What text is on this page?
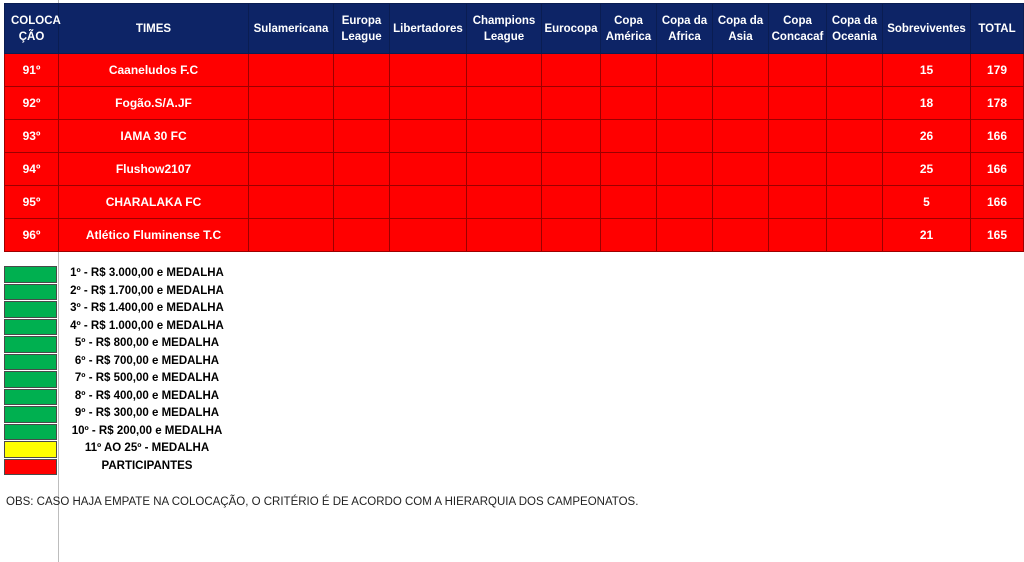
COLOCA ÇÃO	TIMES	Sulamericana	Europa League	Libertadores	Champions League	Eurocopa	Copa América	Copa da Africa	Copa da Asia	Copa Concacaf	Copa da Oceania	Sobreviventes	TOTAL
91º	Caaneludos F.C											15	179
92º	Fogão.S/A.JF											18	178
93º	IAMA 30 FC											26	166
94º	Flushow2107											25	166
95º	CHARALAKA FC											5	166
96º	Atlético Fluminense T.C											21	165
1º - R$ 3.000,00 e MEDALHA
2º - R$ 1.700,00 e MEDALHA
3º - R$ 1.400,00 e MEDALHA
4º - R$ 1.000,00 e MEDALHA
5º - R$ 800,00 e MEDALHA
6º - R$ 700,00 e MEDALHA
7º - R$ 500,00 e MEDALHA
8º - R$ 400,00 e MEDALHA
9º - R$ 300,00 e MEDALHA
10º - R$ 200,00 e MEDALHA
11º AO 25º - MEDALHA
PARTICIPANTES
OBS: CASO HAJA EMPATE NA COLOCAÇÃO, O CRITÉRIO É DE ACORDO COM A HIERARQUIA DOS CAMPEONATOS.
